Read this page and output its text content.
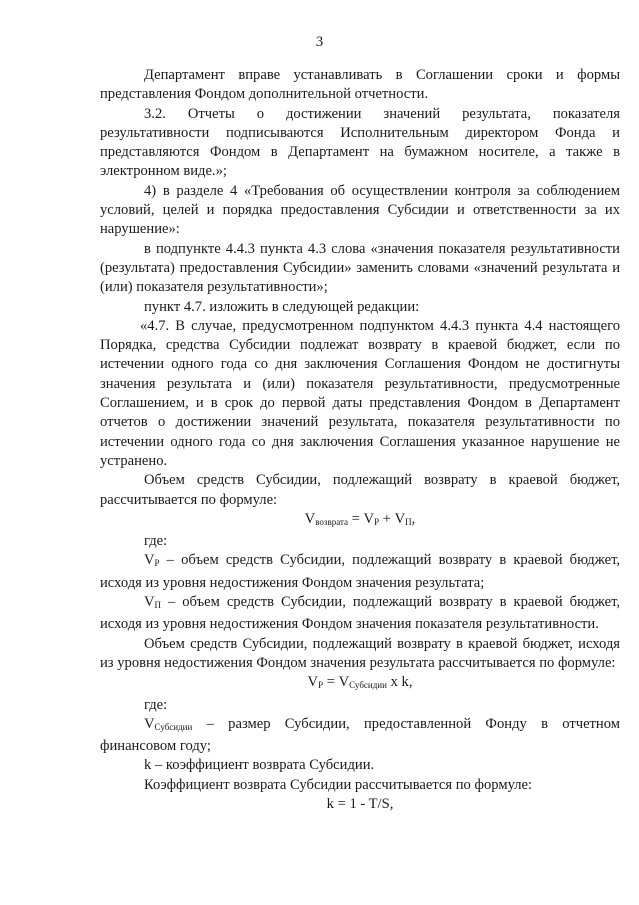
3

Департамент вправе устанавливать в Соглашении сроки и формы представления Фондом дополнительной отчетности.

3.2. Отчеты о достижении значений результата, показателя результативности подписываются Исполнительным директором Фонда и представляются Фондом в Департамент на бумажном носителе, а также в электронном виде.»;

4) в разделе 4 «Требования об осуществлении контроля за соблюдением условий, целей и порядка предоставления Субсидии и ответственности за их нарушение»:

в подпункте 4.4.3 пункта 4.3 слова «значения показателя результативности (результата) предоставления Субсидии» заменить словами «значений результата и (или) показателя результативности»;

пункт 4.7. изложить в следующей редакции:

«4.7. В случае, предусмотренном подпунктом 4.4.3 пункта 4.4 настоящего Порядка, средства Субсидии подлежат возврату в краевой бюджет, если по истечении одного года со дня заключения Соглашения Фондом не достигнуты значения результата и (или) показателя результативности, предусмотренные Соглашением, и в срок до первой даты представления Фондом в Департамент отчетов о достижении значений результата, показателя результативности по истечении одного года со дня заключения Соглашения указанное нарушение не устранено.

Объем средств Субсидии, подлежащий возврату в краевой бюджет, рассчитывается по формуле:

$V_{возврата} = V_Р + V_П$,

где:

$V_Р$ – объем средств Субсидии, подлежащий возврату в краевой бюджет, исходя из уровня недостижения Фондом значения результата;

$V_П$ – объем средств Субсидии, подлежащий возврату в краевой бюджет, исходя из уровня недостижения Фондом значения показателя результативности.

Объем средств Субсидии, подлежащий возврату в краевой бюджет, исходя из уровня недостижения Фондом значения результата рассчитывается по формуле:

$V_Р = V_{Субсидии}$ x k,

где:

$V_{Субсидии}$ – размер Субсидии, предоставленной Фонду в отчетном финансовом году;

k – коэффициент возврата Субсидии.

Коэффициент возврата Субсидии рассчитывается по формуле:

k = 1 - T/S,
